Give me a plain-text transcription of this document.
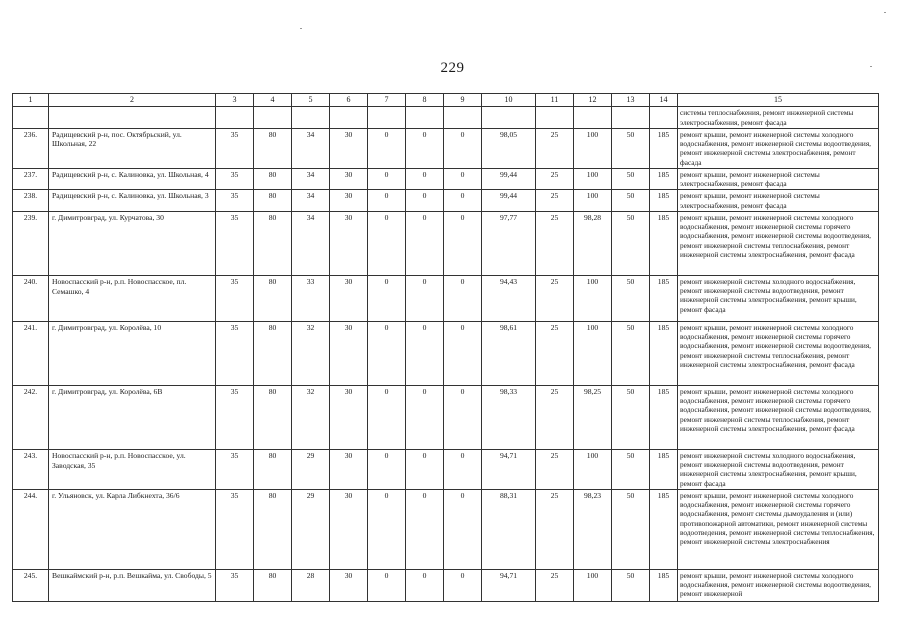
229
1	2	3	4	5	6	7	8	9	10	11	12	13	14	15
														системы теплоснабжения, ремонт инженерной системы электроснабжения, ремонт фасада
236.	Радищевский р-н, пос. Октябрьский, ул. Школьная, 22	35	80	34	30	0	0	0	98,05	25	100	50	185	ремонт крыши, ремонт инженерной системы холодного водоснабжения, ремонт инженерной системы водоотведения, ремонт инженерной системы электроснабжения, ремонт фасада
237.	Радищевский р-н, с. Калиновка, ул. Школьная, 4	35	80	34	30	0	0	0	99,44	25	100	50	185	ремонт крыши, ремонт инженерной системы электроснабжения, ремонт фасада
238.	Радищевский р-н, с. Калиновка, ул. Школьная, 3	35	80	34	30	0	0	0	99,44	25	100	50	185	ремонт крыши, ремонт инженерной системы электроснабжения, ремонт фасада
239.	г. Димитровград, ул. Курчатова, 30	35	80	34	30	0	0	0	97,77	25	98,28	50	185	ремонт крыши, ремонт инженерной системы холодного водоснабжения, ремонт инженерной системы горячего водоснабжения, ремонт инженерной системы водоотведения, ремонт инженерной системы теплоснабжения, ремонт инженерной системы электроснабжения, ремонт фасада
240.	Новоспасский р-н, р.п. Новоспасское, пл. Семашко, 4	35	80	33	30	0	0	0	94,43	25	100	50	185	ремонт инженерной системы холодного водоснабжения, ремонт инженерной системы водоотведения, ремонт инженерной системы электроснабжения, ремонт крыши, ремонт фасада
241.	г. Димитровград, ул. Королёва, 10	35	80	32	30	0	0	0	98,61	25	100	50	185	ремонт крыши, ремонт инженерной системы холодного водоснабжения, ремонт инженерной системы горячего водоснабжения, ремонт инженерной системы водоотведения, ремонт инженерной системы теплоснабжения, ремонт инженерной системы электроснабжения, ремонт фасада
242.	г. Димитровград, ул. Королёва, 6В	35	80	32	30	0	0	0	98,33	25	98,25	50	185	ремонт крыши, ремонт инженерной системы холодного водоснабжения, ремонт инженерной системы горячего водоснабжения, ремонт инженерной системы водоотведения, ремонт инженерной системы теплоснабжения, ремонт инженерной системы электроснабжения, ремонт фасада
243.	Новоспасский р-н, р.п. Новоспасское, ул. Заводская, 35	35	80	29	30	0	0	0	94,71	25	100	50	185	ремонт инженерной системы холодного водоснабжения, ремонт инженерной системы водоотведения, ремонт инженерной системы электроснабжения, ремонт крыши, ремонт фасада
244.	г. Ульяновск, ул. Карла Либкнехта, 36/6	35	80	29	30	0	0	0	88,31	25	98,23	50	185	ремонт крыши, ремонт инженерной системы холодного водоснабжения, ремонт инженерной системы горячего водоснабжения, ремонт системы дымоудаления и (или) противопожарной автоматики, ремонт инженерной системы водоотведения, ремонт инженерной системы теплоснабжения, ремонт инженерной системы электроснабжения
245.	Вешкаймский р-н, р.п. Вешкайма, ул. Свободы, 5	35	80	28	30	0	0	0	94,71	25	100	50	185	ремонт крыши, ремонт инженерной системы холодного водоснабжения, ремонт инженерной системы водоотведения, ремонт инженерной
